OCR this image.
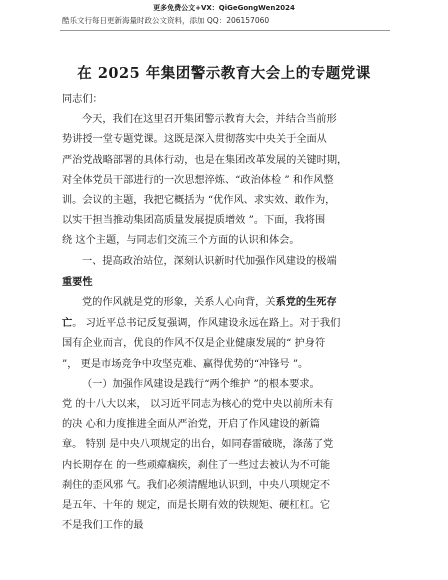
更多免费公文+VX：QiGeGongWen2024
酷乐文行每日更新海量时政公文资料，添加 QQ：206157060
在 2025 年集团警示教育大会上的专题党课

同志们：

今天，我们在这里召开集团警示教育大会，并结合当前形
势讲授一堂专题党课。这既是深入贯彻落实中央关于全面从
严治党战略部署的具体行动，也是在集团改革发展的关键时期，
对全体党员干部进行的一次思想淬炼、“政治体检 ” 和作风整
训。会议的主题，我把它概括为 “优作风、求实效、敢作为，
以实干担当推动集团高质量发展提质增效 ”。下面，我将围
绕 这个主题，与同志们交流三个方面的认识和体会。
一、提高政治站位，深刻认识新时代加强作风建设的极端
重要性
党的作风就是党的形象，关系人心向背，关系党的生死存
亡。 习近平总书记反复强调，作风建设永远在路上。对于我们
国有企业而言，优良的作风不仅是企业健康发展的“ 护身符
”， 更是市场竞争中攻坚克难、赢得优势的“冲锋号 ”。
（一）加强作风建设是践行“两个维护 ”的根本要求。
党 的十八大以来， 以习近平同志为核心的党中央以前所未有
的决 心和力度推进全面从严治党，开启了作风建设的新篇
章。 特别 是中央八项规定的出台，如同春雷破晓，涤荡了党
内长期存在 的一些顽瘴痼疾，刹住了一些过去被认为不可能
刹住的歪风邪 气。我们必须清醒地认识到，中央八项规定不
是五年、十年的 规定，而是长期有效的铁规矩、硬杠杠。它
不是我们工作的最
